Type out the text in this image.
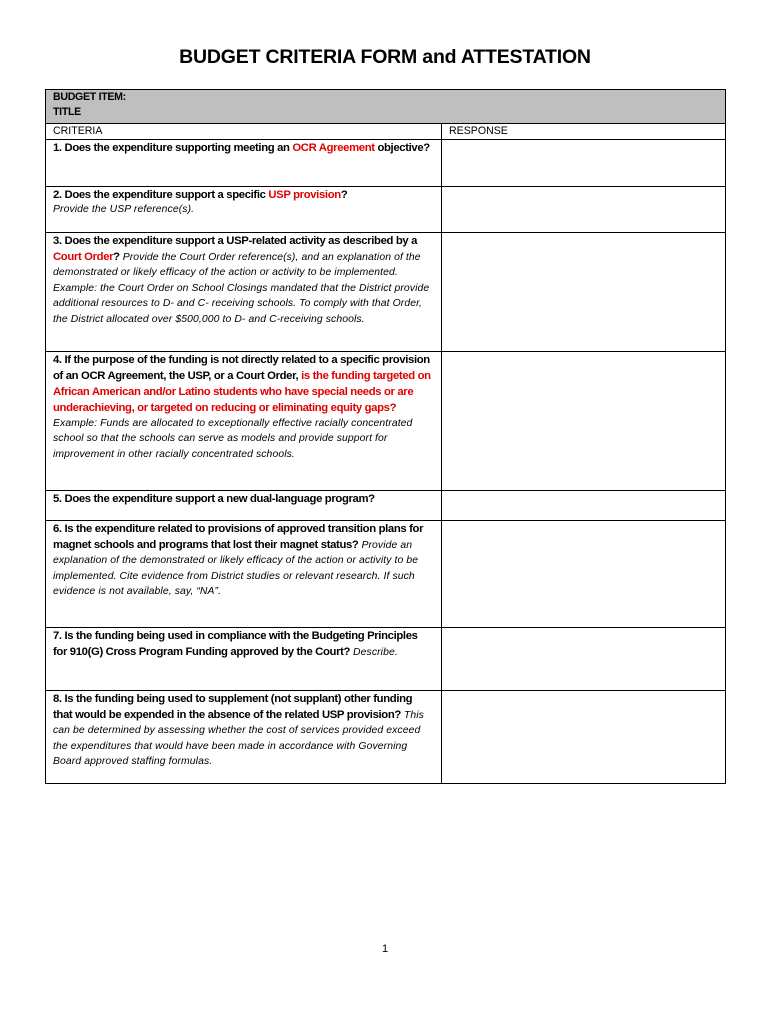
BUDGET CRITERIA FORM and ATTESTATION
BUDGET ITEM:
TITLE	

CRITERIA	RESPONSE
1. Does the expenditure supporting meeting an OCR Agreement objective?	

2. Does the expenditure support a specific USP provision?
Provide the USP reference(s).	

3. Does the expenditure support a USP-related activity as described by a Court Order? Provide the Court Order reference(s), and an explanation of the demonstrated or likely efficacy of the action or activity to be implemented. Example: the Court Order on School Closings mandated that the District provide additional resources to D- and C- receiving schools. To comply with that Order, the District allocated over $500,000 to D- and C-receiving schools.	
4. If the purpose of the funding is not directly related to a specific provision of an OCR Agreement, the USP, or a Court Order, is the funding targeted on African American and/or Latino students who have special needs or are underachieving, or targeted on reducing or eliminating equity gaps? Example: Funds are allocated to exceptionally effective racially concentrated school so that the schools can serve as models and provide support for improvement in other racially concentrated schools.	
5. Does the expenditure support a new dual-language program?	
6. Is the expenditure related to provisions of approved transition plans for magnet schools and programs that lost their magnet status? Provide an explanation of the demonstrated or likely efficacy of the action or activity to be implemented. Cite evidence from District studies or relevant research. If such evidence is not available, say, “NA”.	
7. Is the funding being used in compliance with the Budgeting Principles for 910(G) Cross Program Funding approved by the Court? Describe.	
8. Is the funding being used to supplement (not supplant) other funding that would be expended in the absence of the related USP provision? This can be determined by assessing whether the cost of services provided exceed the expenditures that would have been made in accordance with Governing Board approved staffing formulas.	
1
